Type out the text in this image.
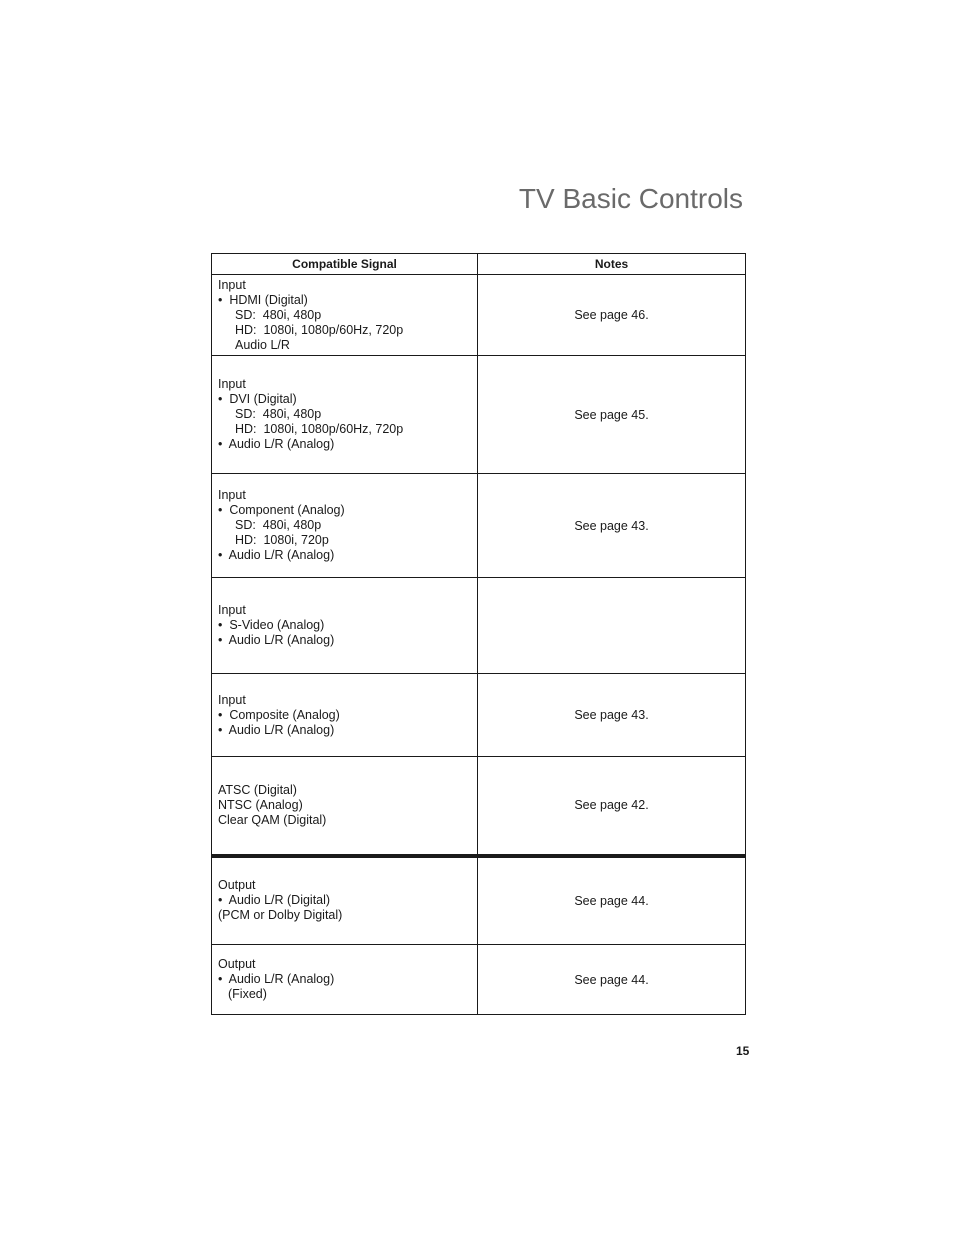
TV Basic Controls
Compatible Signal	Notes

Input
•  HDMI (Digital)
SD:  480i, 480p
HD:  1080i, 1080p/60Hz, 720p
Audio L/R	See page 46.

Input
•  DVI (Digital)
SD:  480i, 480p
HD:  1080i, 1080p/60Hz, 720p
•  Audio L/R (Analog)	See page 45.

Input
•  Component (Analog)
SD:  480i, 480p
HD:  1080i, 720p
•  Audio L/R (Analog)	See page 43.

Input
•  S-Video (Analog)
•  Audio L/R (Analog)	

Input
•  Composite (Analog)
•  Audio L/R (Analog)	See page 43.

ATSC (Digital)
NTSC (Analog)
Clear QAM (Digital)	See page 42.

Output
•  Audio L/R (Digital)
(PCM or Dolby Digital)	See page 44.

Output
•  Audio L/R (Analog)
(Fixed)	See page 44.
15
